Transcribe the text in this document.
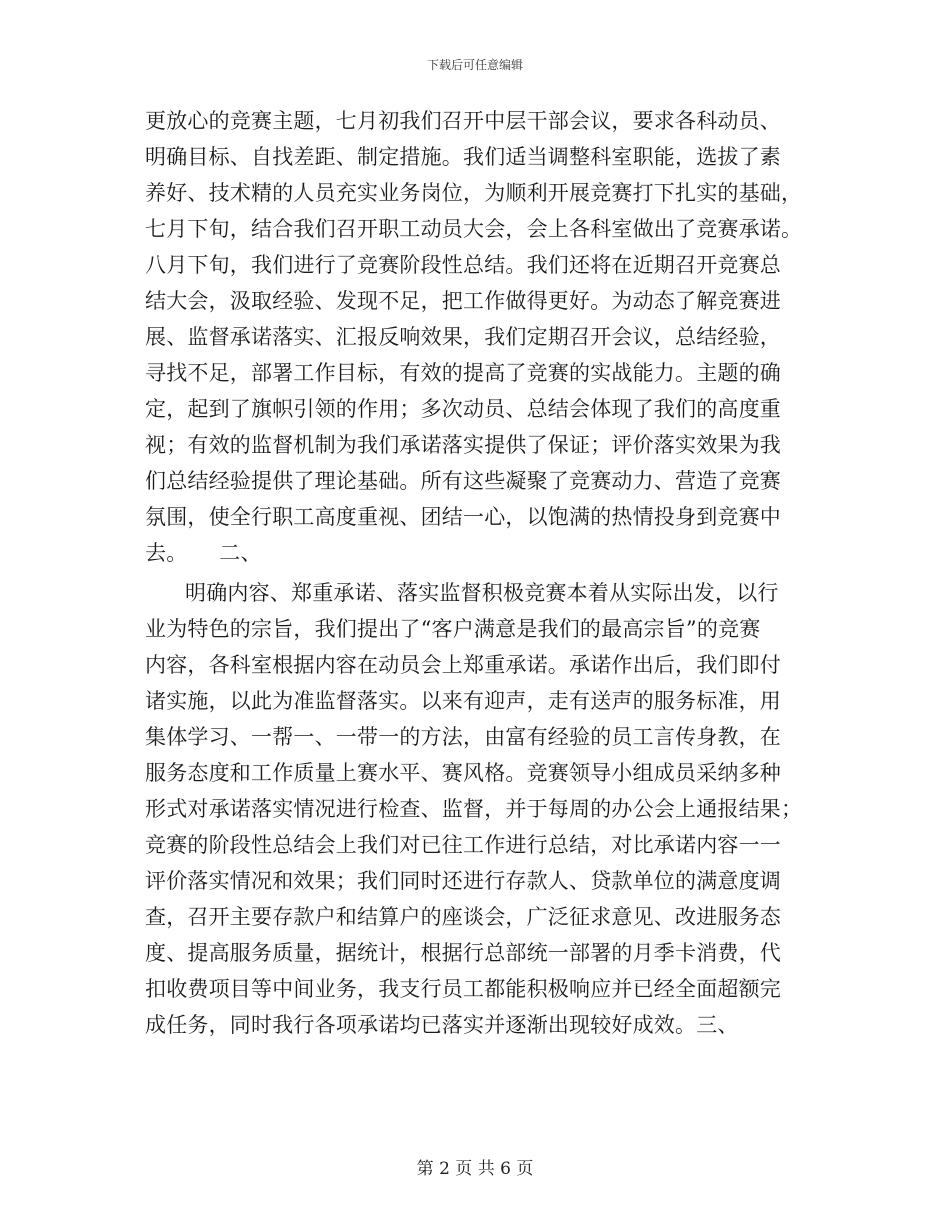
下载后可任意编辑
更放心的竞赛主题，七月初我们召开中层干部会议，要求各科动员、
明确目标、自找差距、制定措施。我们适当调整科室职能，选拔了素
养好、技术精的人员充实业务岗位，为顺利开展竞赛打下扎实的基础，
七月下旬，结合我们召开职工动员大会，会上各科室做出了竞赛承诺。
八月下旬，我们进行了竞赛阶段性总结。我们还将在近期召开竞赛总
结大会，汲取经验、发现不足，把工作做得更好。为动态了解竞赛进
展、监督承诺落实、汇报反响效果，我们定期召开会议，总结经验，
寻找不足，部署工作目标，有效的提高了竞赛的实战能力。主题的确
定，起到了旗帜引领的作用；多次动员、总结会体现了我们的高度重
视；有效的监督机制为我们承诺落实提供了保证；评价落实效果为我
们总结经验提供了理论基础。所有这些凝聚了竞赛动力、营造了竞赛
氛围，使全行职工高度重视、团结一心，以饱满的热情投身到竞赛中
去。　　二、
明确内容、郑重承诺、落实监督积极竞赛本着从实际出发，以行
业为特色的宗旨，我们提出了“客户满意是我们的最高宗旨”的竞赛
内容，各科室根据内容在动员会上郑重承诺。承诺作出后，我们即付
诸实施，以此为准监督落实。以来有迎声，走有送声的服务标准，用
集体学习、一帮一、一带一的方法，由富有经验的员工言传身教，在
服务态度和工作质量上赛水平、赛风格。竞赛领导小组成员采纳多种
形式对承诺落实情况进行检查、监督，并于每周的办公会上通报结果；
竞赛的阶段性总结会上我们对已往工作进行总结，对比承诺内容一一
评价落实情况和效果；我们同时还进行存款人、贷款单位的满意度调
查，召开主要存款户和结算户的座谈会，广泛征求意见、改进服务态
度、提高服务质量，据统计，根据行总部统一部署的月季卡消费，代
扣收费项目等中间业务，我支行员工都能积极响应并已经全面超额完
成任务，同时我行各项承诺均已落实并逐渐出现较好成效。三、
第 2 页 共 6 页
